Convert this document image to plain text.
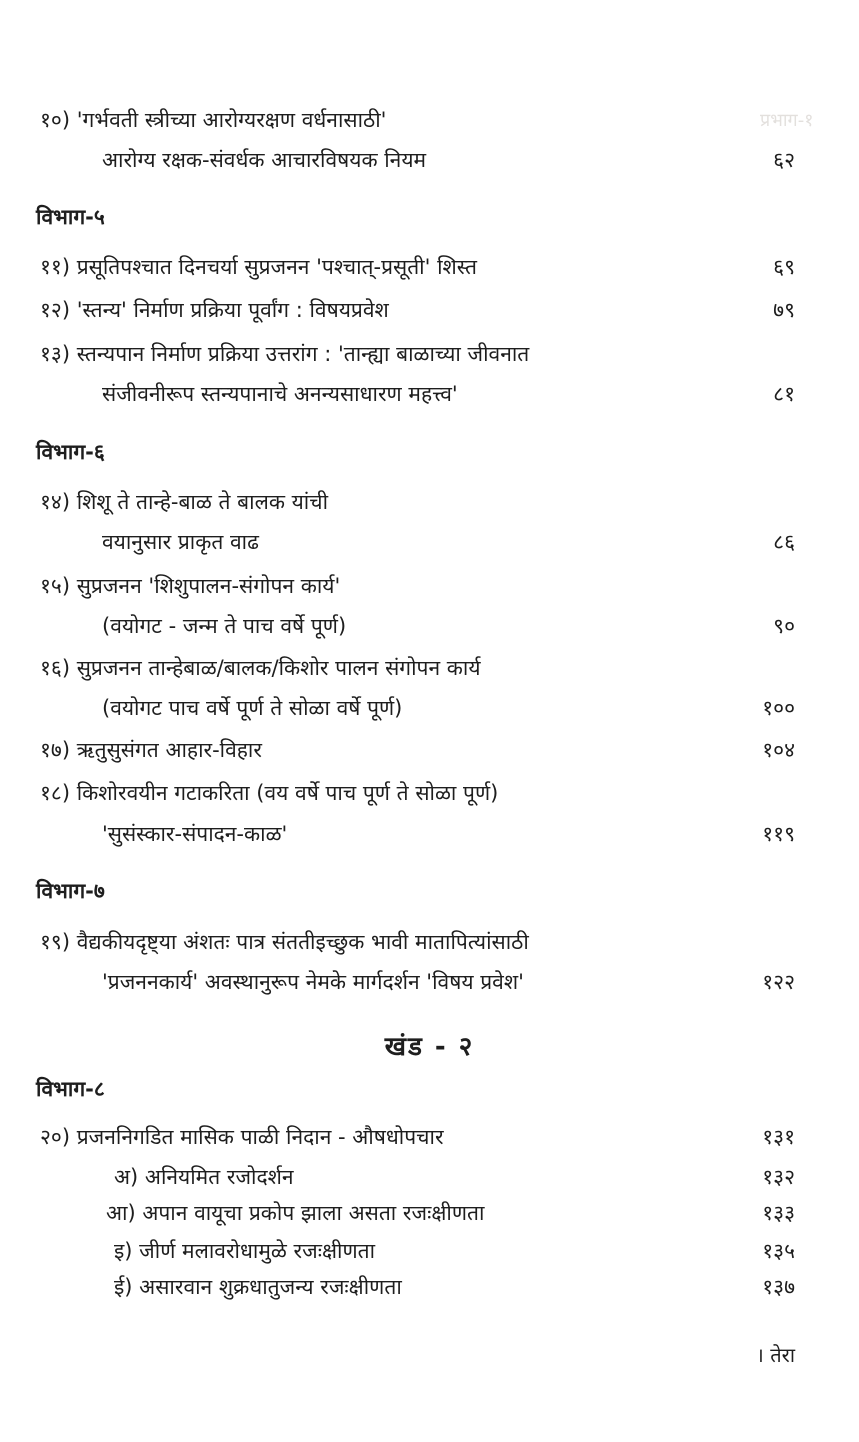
प्रभाग-१
१०) 'गर्भवती स्त्रीच्या आरोग्यरक्षण वर्धनासाठी'
आरोग्य रक्षक-संवर्धक आचारविषयक नियम	६२
विभाग-५
११) प्रसूतिपश्चात दिनचर्या सुप्रजनन 'पश्चात्-प्रसूती' शिस्त	६९
१२) 'स्तन्य' निर्माण प्रक्रिया पूर्वांग : विषयप्रवेश	७९
१३) स्तन्यपान निर्माण प्रक्रिया उत्तरांग : 'तान्ह्या बाळाच्या जीवनात
संजीवनीरूप स्तन्यपानाचे अनन्यसाधारण महत्त्व'	८१
विभाग-६
१४) शिशू ते तान्हे-बाळ ते बालक यांची
वयानुसार प्राकृत वाढ	८६
१५) सुप्रजनन 'शिशुपालन-संगोपन कार्य'
(वयोगट - जन्म ते पाच वर्षे पूर्ण)	९०
१६) सुप्रजनन तान्हेबाळ/बालक/किशोर पालन संगोपन कार्य
(वयोगट पाच वर्षे पूर्ण ते सोळा वर्षे पूर्ण)	१००
१७) ऋतुसुसंगत आहार-विहार	१०४
१८) किशोरवयीन गटाकरिता (वय वर्षे पाच पूर्ण ते सोळा पूर्ण)
'सुसंस्कार-संपादन-काळ'	११९
विभाग-७
१९) वैद्यकीयदृष्ट्या अंशतः पात्र संततीइच्छुक भावी मातापित्यांसाठी
'प्रजननकार्य' अवस्थानुरूप नेमके मार्गदर्शन 'विषय प्रवेश'	१२२
खंड - २
विभाग-८
२०) प्रजननिगडित मासिक पाळी निदान - औषधोपचार	१३१
अ) अनियमित रजोदर्शन	१३२
आ) अपान वायूचा प्रकोप झाला असता रजःक्षीणता	१३३
इ) जीर्ण मलावरोधामुळे रजःक्षीणता	१३५
ई) असारवान शुक्रधातुजन्य रजःक्षीणता	१३७
। तेरा
